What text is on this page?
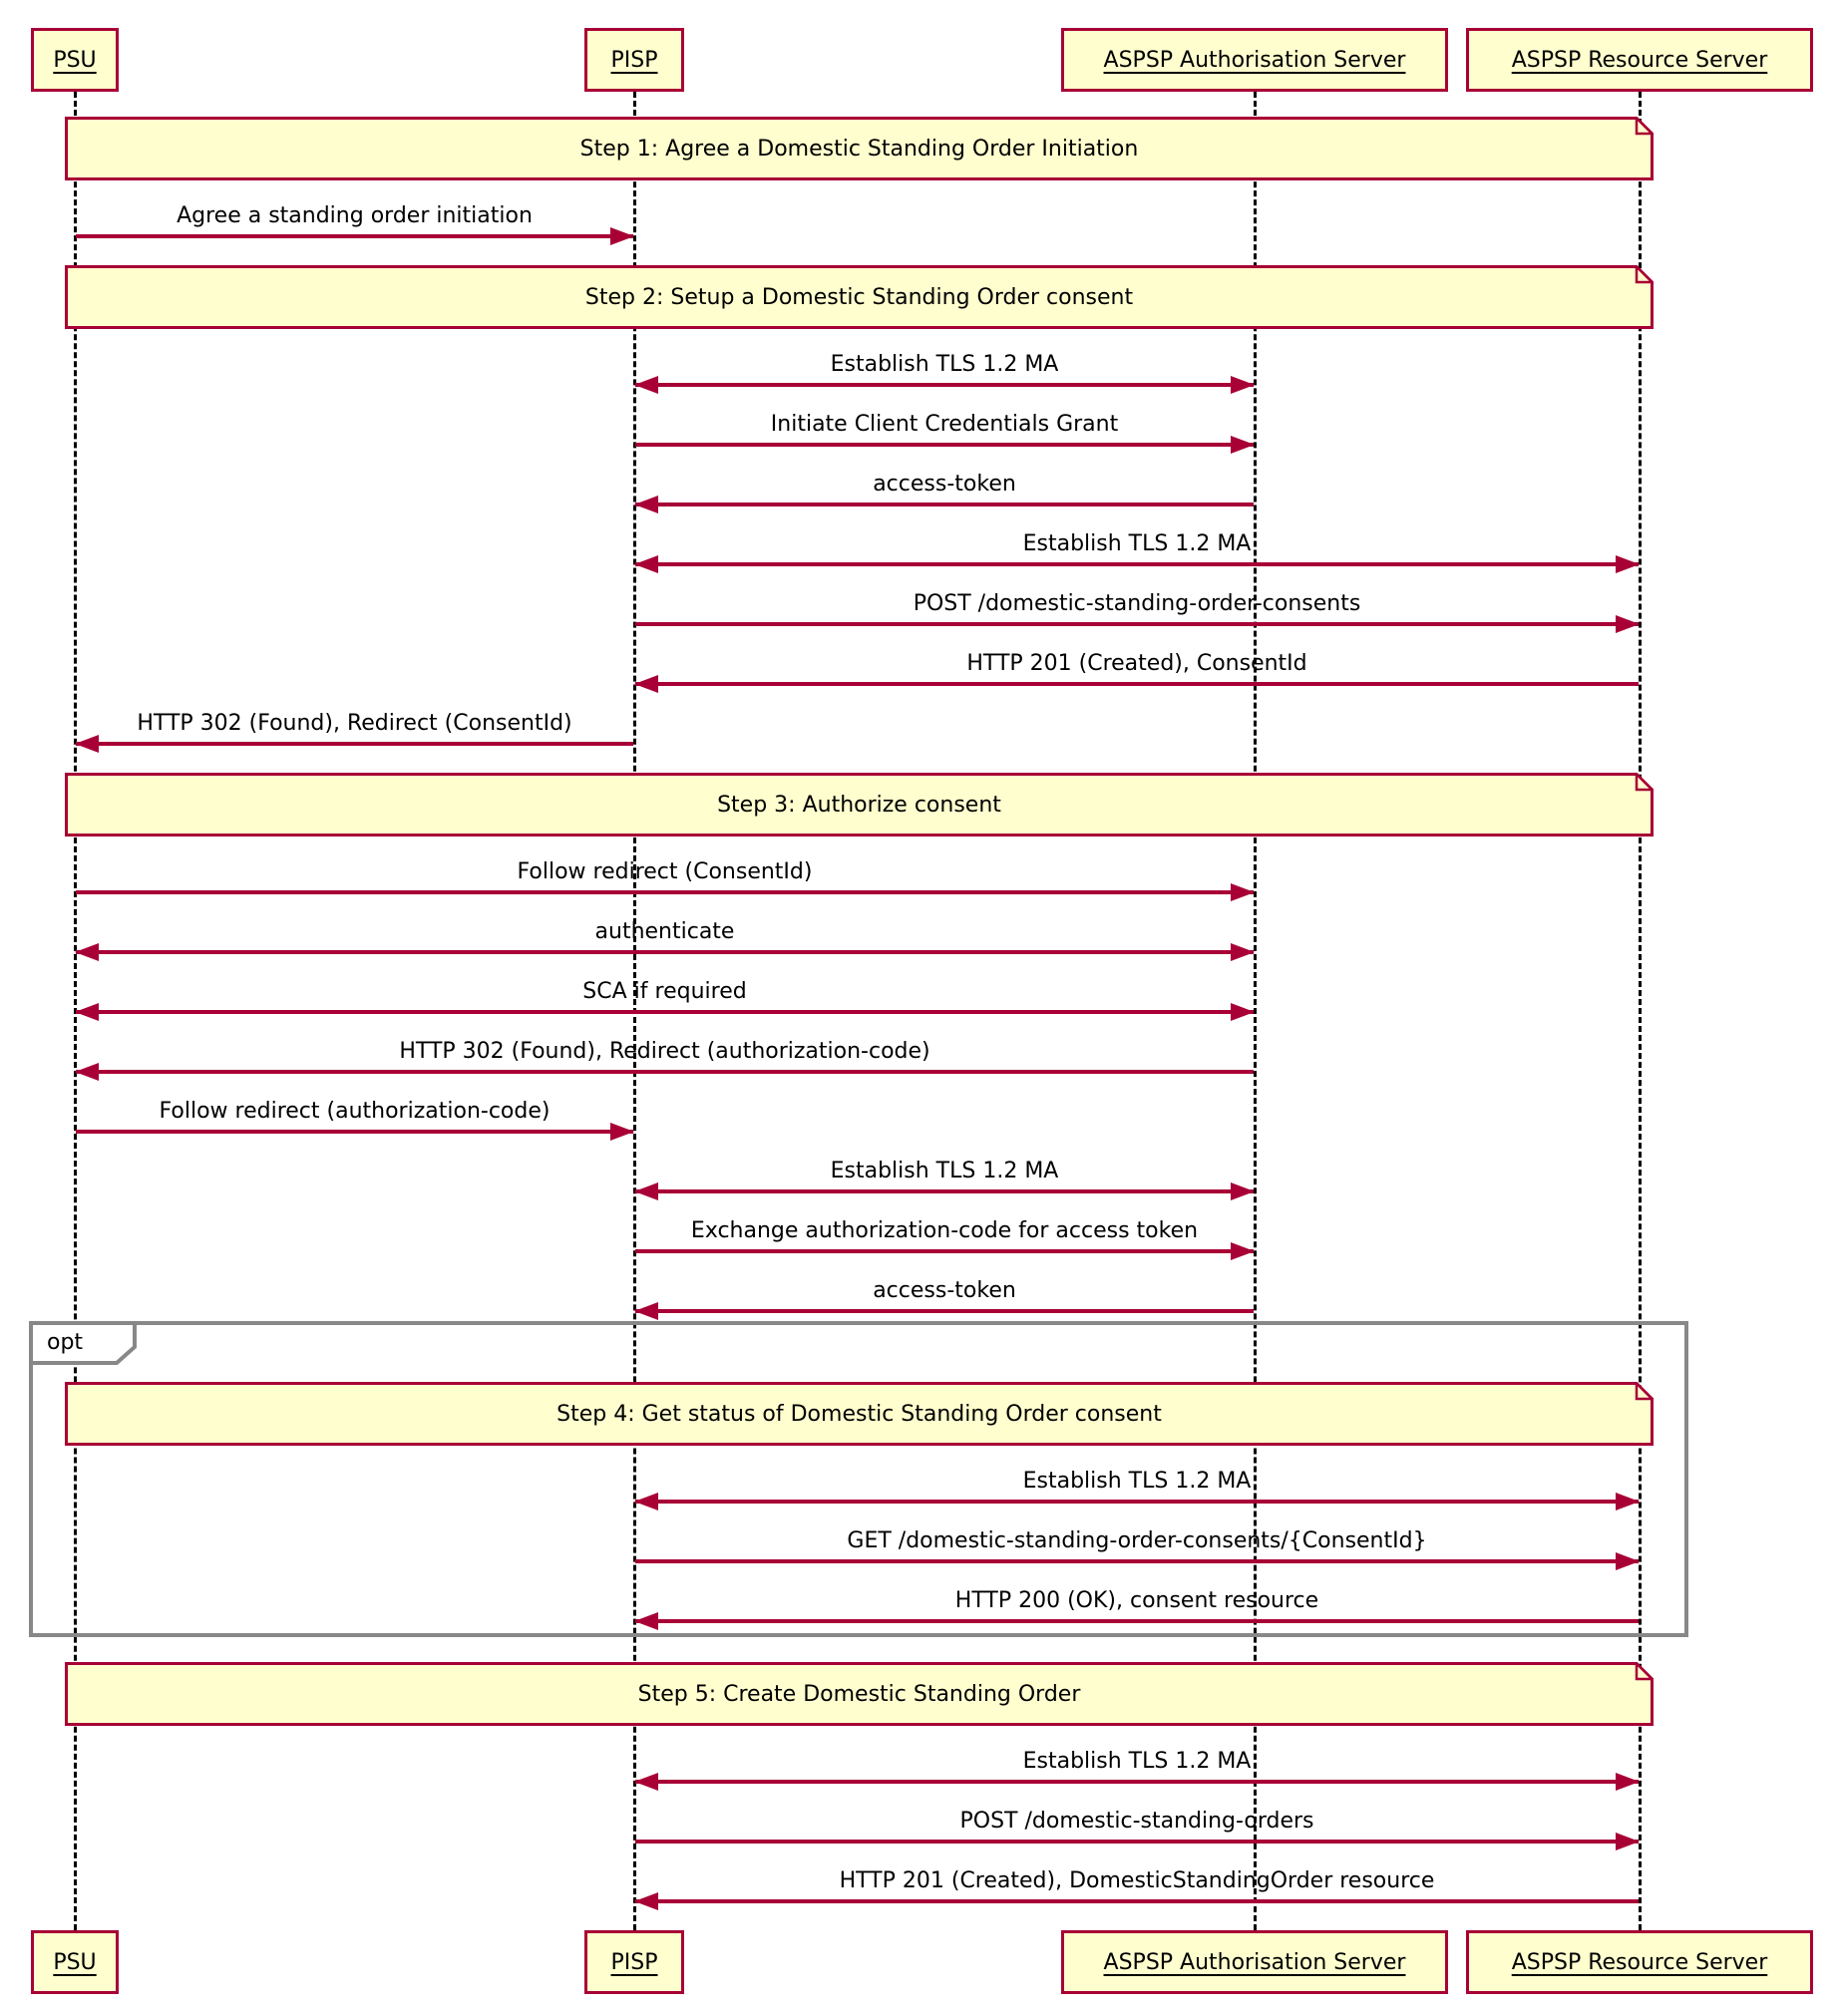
Step 1: Agree a Domestic Standing Order Initiation
Agree a standing order initiation
Step 2: Setup a Domestic Standing Order consent
Establish TLS 1.2 MA
Initiate Client Credentials Grant
access-token
Establish TLS 1.2 MA
POST /domestic-standing-order-consents
HTTP 201 (Created), ConsentId
HTTP 302 (Found), Redirect (ConsentId)
Step 3: Authorize consent
Follow redirect (ConsentId)
authenticate
SCA if required
HTTP 302 (Found), Redirect (authorization-code)
Follow redirect (authorization-code)
Establish TLS 1.2 MA
Exchange authorization-code for access token
access-token
Step 4: Get status of Domestic Standing Order consent
Establish TLS 1.2 MA
GET /domestic-standing-order-consents/{ConsentId}
HTTP 200 (OK), consent resource
opt
Step 5: Create Domestic Standing Order
Establish TLS 1.2 MA
POST /domestic-standing-orders
HTTP 201 (Created), DomesticStandingOrder resource
PSU
PSU
PISP
PISP
ASPSP Authorisation Server
ASPSP Authorisation Server
ASPSP Resource Server
ASPSP Resource Server
